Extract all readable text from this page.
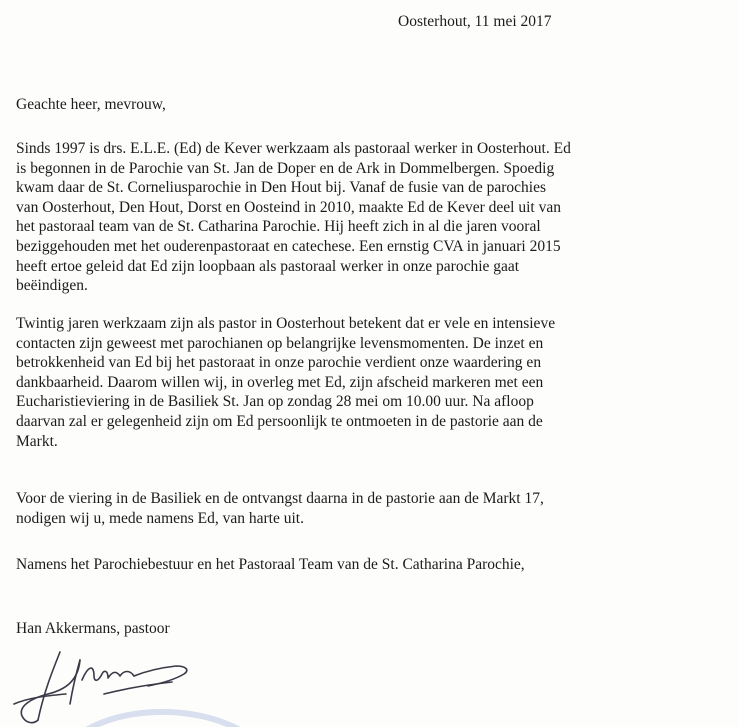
Oosterhout, 11 mei 2017
Geachte heer, mevrouw,
Sinds 1997 is drs. E.L.E. (Ed) de Kever werkzaam als pastoraal werker in Oosterhout. Ed
is begonnen in de Parochie van St. Jan de Doper en de Ark in Dommelbergen. Spoedig
kwam daar de St. Corneliusparochie in Den Hout bij. Vanaf de fusie van de parochies
van Oosterhout, Den Hout, Dorst en Oosteind in 2010, maakte Ed de Kever deel uit van
het pastoraal team van de St. Catharina Parochie. Hij heeft zich in al die jaren vooral
beziggehouden met het ouderenpastoraat en catechese. Een ernstig CVA in januari 2015
heeft ertoe geleid dat Ed zijn loopbaan als pastoraal werker in onze parochie gaat
beëindigen.
Twintig jaren werkzaam zijn als pastor in Oosterhout betekent dat er vele en intensieve
contacten zijn geweest met parochianen op belangrijke levensmomenten. De inzet en
betrokkenheid van Ed bij het pastoraat in onze parochie verdient onze waardering en
dankbaarheid. Daarom willen wij, in overleg met Ed, zijn afscheid markeren met een
Eucharistieviering in de Basiliek St. Jan op zondag 28 mei om 10.00 uur. Na afloop
daarvan zal er gelegenheid zijn om Ed persoonlijk te ontmoeten in de pastorie aan de
Markt.
Voor de viering in de Basiliek en de ontvangst daarna in de pastorie aan de Markt 17,
nodigen wij u, mede namens Ed, van harte uit.
Namens het Parochiebestuur en het Pastoraal Team van de St. Catharina Parochie,
Han Akkermans, pastoor
